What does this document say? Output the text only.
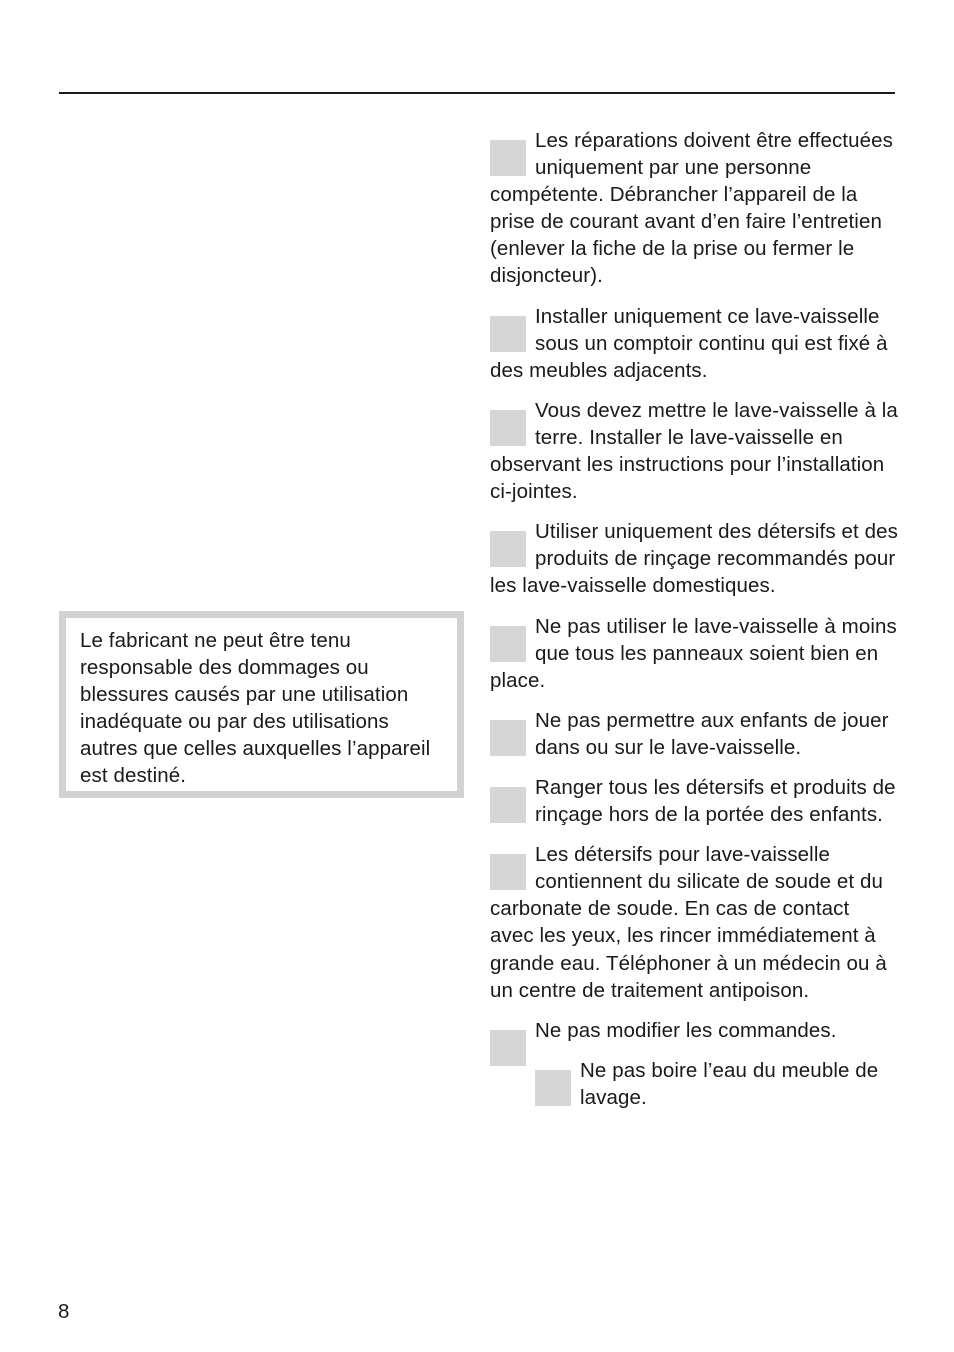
Le fabricant ne peut être tenu responsable des dommages ou blessures causés par une utilisation inadéquate ou par des utilisations autres que celles auxquelles l’appareil est destiné.

Les réparations doivent être effectuées uniquement par une personne compétente. Débrancher l’appareil de la prise de courant avant d’en faire l’entretien (enlever la fiche de la prise ou fermer le disjoncteur).
Installer uniquement ce lave-vaisselle sous un comptoir continu qui est fixé à des meubles adjacents.
Vous devez mettre le lave-vaisselle à la terre. Installer le lave-vaisselle en observant les instructions pour l’installation ci-jointes.
Utiliser uniquement des détersifs et des produits de rinçage recommandés pour les lave-vaisselle domestiques.
Ne pas utiliser le lave-vaisselle à moins que tous les panneaux soient bien en place.
Ne pas permettre aux enfants de jouer dans ou sur le lave-vaisselle.
Ranger tous les détersifs et produits de rinçage hors de la portée des enfants.
Les détersifs pour lave-vaisselle contiennent du silicate de soude et du carbonate de soude. En cas de contact avec les yeux, les rincer immédiatement à grande eau. Téléphoner à un médecin ou à un centre de traitement antipoison.
Ne pas modifier les commandes.
Ne pas boire l’eau du meuble de lavage.
8
